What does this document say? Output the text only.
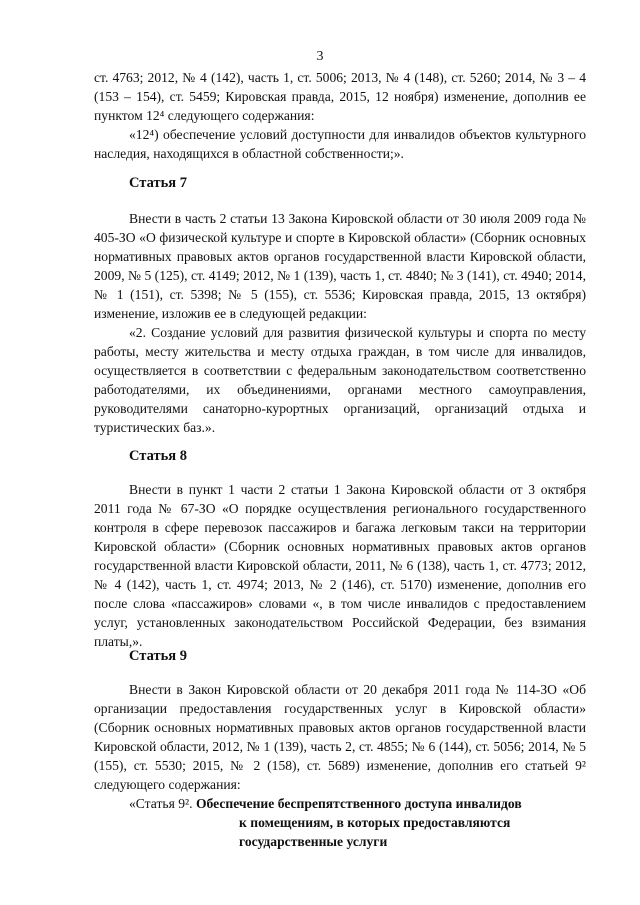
3

ст. 4763; 2012, № 4 (142), часть 1, ст. 5006; 2013, № 4 (148), ст. 5260; 2014, № 3 – 4 (153 – 154), ст. 5459; Кировская правда, 2015, 12 ноября) изменение, дополнив ее пунктом 12⁴ следующего содержания:

«12⁴) обеспечение условий доступности для инвалидов объектов культурного наследия, находящихся в областной собственности;».

Статья 7

Внести в часть 2 статьи 13 Закона Кировской области от 30 июля 2009 года № 405-ЗО «О физической культуре и спорте в Кировской области» (Сборник основных нормативных правовых актов органов государственной власти Кировской области, 2009, № 5 (125), ст. 4149; 2012, № 1 (139), часть 1, ст. 4840; № 3 (141), ст. 4940; 2014, № 1 (151), ст. 5398; № 5 (155), ст. 5536; Кировская правда, 2015, 13 октября) изменение, изложив ее в следующей редакции:

«2. Создание условий для развития физической культуры и спорта по месту работы, месту жительства и месту отдыха граждан, в том числе для инвалидов, осуществляется в соответствии с федеральным законодательством соответственно работодателями, их объединениями, органами местного самоуправления, руководителями санаторно-курортных организаций, организаций отдыха и туристических баз.».

Статья 8

Внести в пункт 1 части 2 статьи 1 Закона Кировской области от 3 октября 2011 года № 67-ЗО «О порядке осуществления регионального государственного контроля в сфере перевозок пассажиров и багажа легковым такси на территории Кировской области» (Сборник основных нормативных правовых актов органов государственной власти Кировской области, 2011, № 6 (138), часть 1, ст. 4773; 2012, № 4 (142), часть 1, ст. 4974; 2013, № 2 (146), ст. 5170) изменение, дополнив его после слова «пассажиров» словами «, в том числе инвалидов с предоставлением услуг, установленных законодательством Российской Федерации, без взимания платы,».

Статья 9

Внести в Закон Кировской области от 20 декабря 2011 года № 114-ЗО «Об организации предоставления государственных услуг в Кировской области» (Сборник основных нормативных правовых актов органов государственной власти Кировской области, 2012, № 1 (139), часть 2, ст. 4855; № 6 (144), ст. 5056; 2014, № 5 (155), ст. 5530; 2015, № 2 (158), ст. 5689) изменение, дополнив его статьей 9² следующего содержания:

«Статья 9². Обеспечение беспрепятственного доступа инвалидов
к помещениям, в которых предоставляются
государственные услуги
